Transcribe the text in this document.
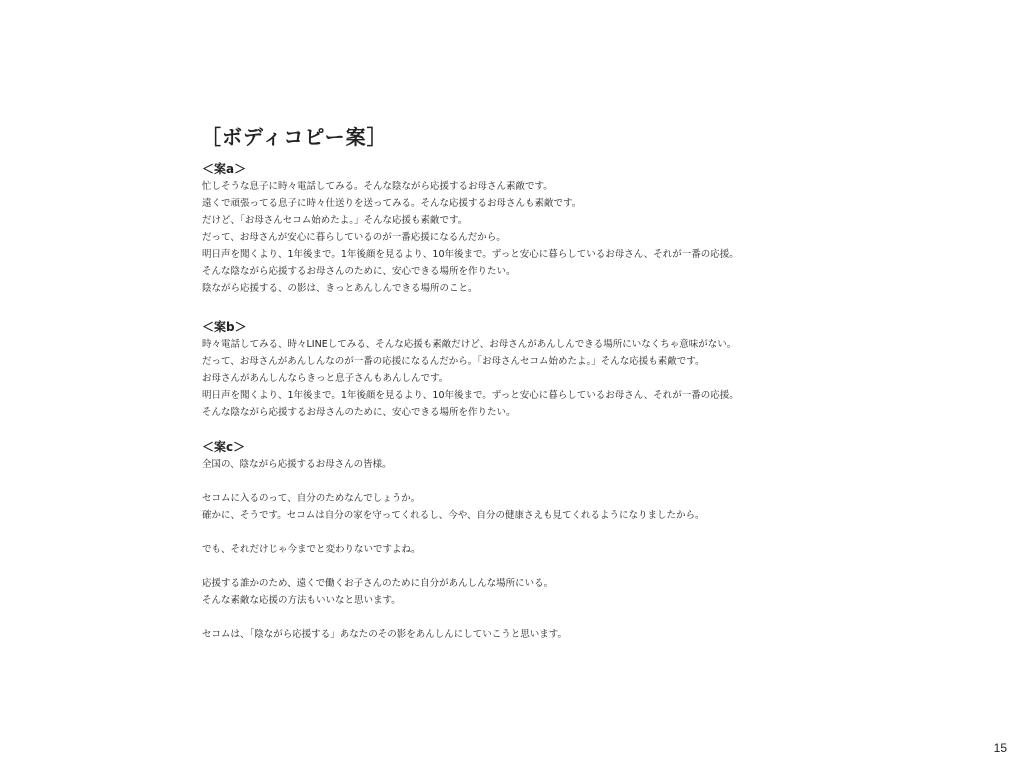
［ボディコピー案］

＜案a＞

忙しそうな息子に時々電話してみる。そんな陰ながら応援するお母さん素敵です。

遠くで頑張ってる息子に時々仕送りを送ってみる。そんな応援するお母さんも素敵です。

だけど、「お母さんセコム始めたよ。」そんな応援も素敵です。

だって、お母さんが安心に暮らしているのが一番応援になるんだから。

明日声を聞くより、1年後まで。1年後顔を見るより、10年後まで。ずっと安心に暮らしているお母さん、それが一番の応援。

そんな陰ながら応援するお母さんのために、安心できる場所を作りたい。

陰ながら応援する、の影は、きっとあんしんできる場所のこと。

＜案b＞

時々電話してみる、時々LINEしてみる、そんな応援も素敵だけど、お母さんがあんしんできる場所にいなくちゃ意味がない。

だって、お母さんがあんしんなのが一番の応援になるんだから。「お母さんセコム始めたよ。」そんな応援も素敵です。

お母さんがあんしんならきっと息子さんもあんしんです。

明日声を聞くより、1年後まで。1年後顔を見るより、10年後まで。ずっと安心に暮らしているお母さん、それが一番の応援。

そんな陰ながら応援するお母さんのために、安心できる場所を作りたい。

＜案c＞

全国の、陰ながら応援するお母さんの皆様。

セコムに入るのって、自分のためなんでしょうか。

確かに、そうです。セコムは自分の家を守ってくれるし、今や、自分の健康さえも見てくれるようになりましたから。

でも、それだけじゃ今までと変わりないですよね。

応援する誰かのため、遠くで働くお子さんのために自分があんしんな場所にいる。

そんな素敵な応援の方法もいいなと思います。

セコムは、「陰ながら応援する」あなたのその影をあんしんにしていこうと思います。

15
